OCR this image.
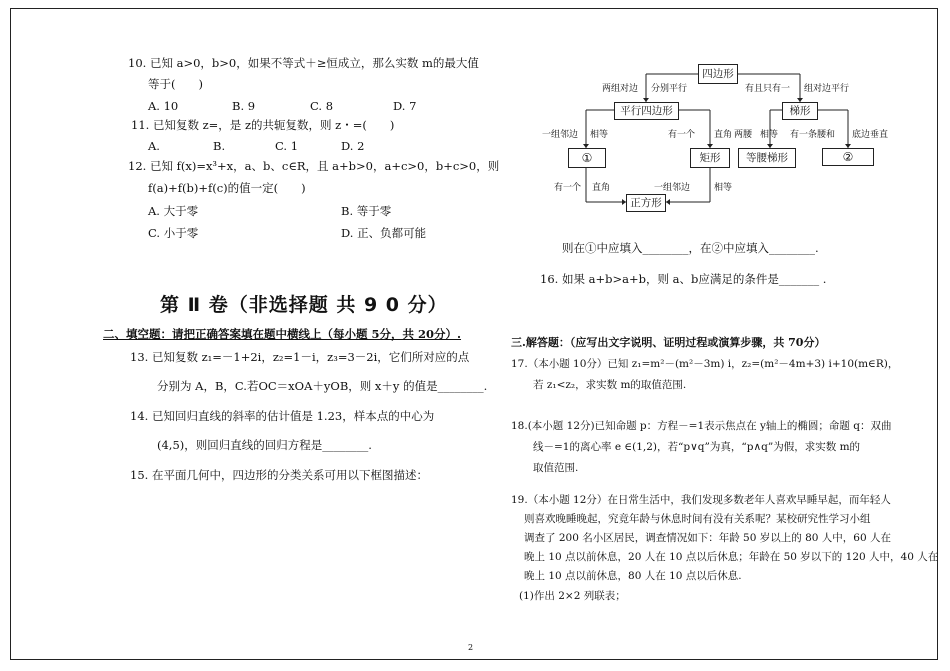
10. 已知 a>0，b>0，如果不等式＋≥恒成立，那么实数 m的最大值
等于(　　)
A. 10	B. 9	C. 8	D. 7
11. 已知复数 z=，是 z的共轭复数，则 z・=(　　)
A.	B.	C. 1	D. 2
12. 已知 f(x)=x³+x，a、b、c∈R，且 a+b>0，a+c>0，b+c>0，则
f(a)+f(b)+f(c)的值一定(　　)
A. 大于零	B. 等于零
C. 小于零	D. 正、负都可能
第 Ⅱ 卷（非选择题 共 9 0 分）
二、填空题：请把正确答案填在题中横线上（每小题 5分，共 20分）.
13. 已知复数 z₁=－1+2i，z₂=1－i，z₃=3－2i，它们所对应的点
分别为 A，B，C.若OC＝xOA＋yOB，则 x＋y 的值是________.
14. 已知回归直线的斜率的估计值是 1.23，样本点的中心为
(4,5)，则回归直线的回归方程是________.
15. 在平面几何中，四边形的分类关系可用以下框图描述：
四边形
平行四边形	梯形
①	矩形	等腰梯形	②
正方形
两组对边 分别平行	有且只有一 组对边平行
一组邻边 相等	有一个 直角 两腰 相等 有一条腰和 底边垂直
有一个 直角	一组邻边	相等
则在①中应填入________，在②中应填入________.
16. 如果 a+b>a+b，则 a、b应满足的条件是_______ .
三.解答题：（应写出文字说明、证明过程或演算步骤，共 70分）
17.（本小题 10分）已知 z₁=m²－(m²－3m) i，z₂=(m²－4m+3) i+10(m∈R)，
若 z₁<z₂，求实数 m的取值范围.
18.(本小题 12分)已知命题 p：方程－=1表示焦点在 y轴上的椭圆；命题 q：双曲
线－=1的离心率 e ∈(1,2)，若“p∨q”为真，“p∧q”为假，求实数 m的
取值范围.
19.（本小题 12分）在日常生活中，我们发现多数老年人喜欢早睡早起，而年轻人
则喜欢晚睡晚起，究竟年龄与休息时间有没有关系呢？某校研究性学习小组
调查了 200 名小区居民，调查情况如下：年龄 50 岁以上的 80 人中，60 人在
晚上 10 点以前休息，20 人在 10 点以后休息；年龄在 50 岁以下的 120 人中，40 人在
晚上 10 点以前休息，80 人在 10 点以后休息.
(1)作出 2×2 列联表；
2
